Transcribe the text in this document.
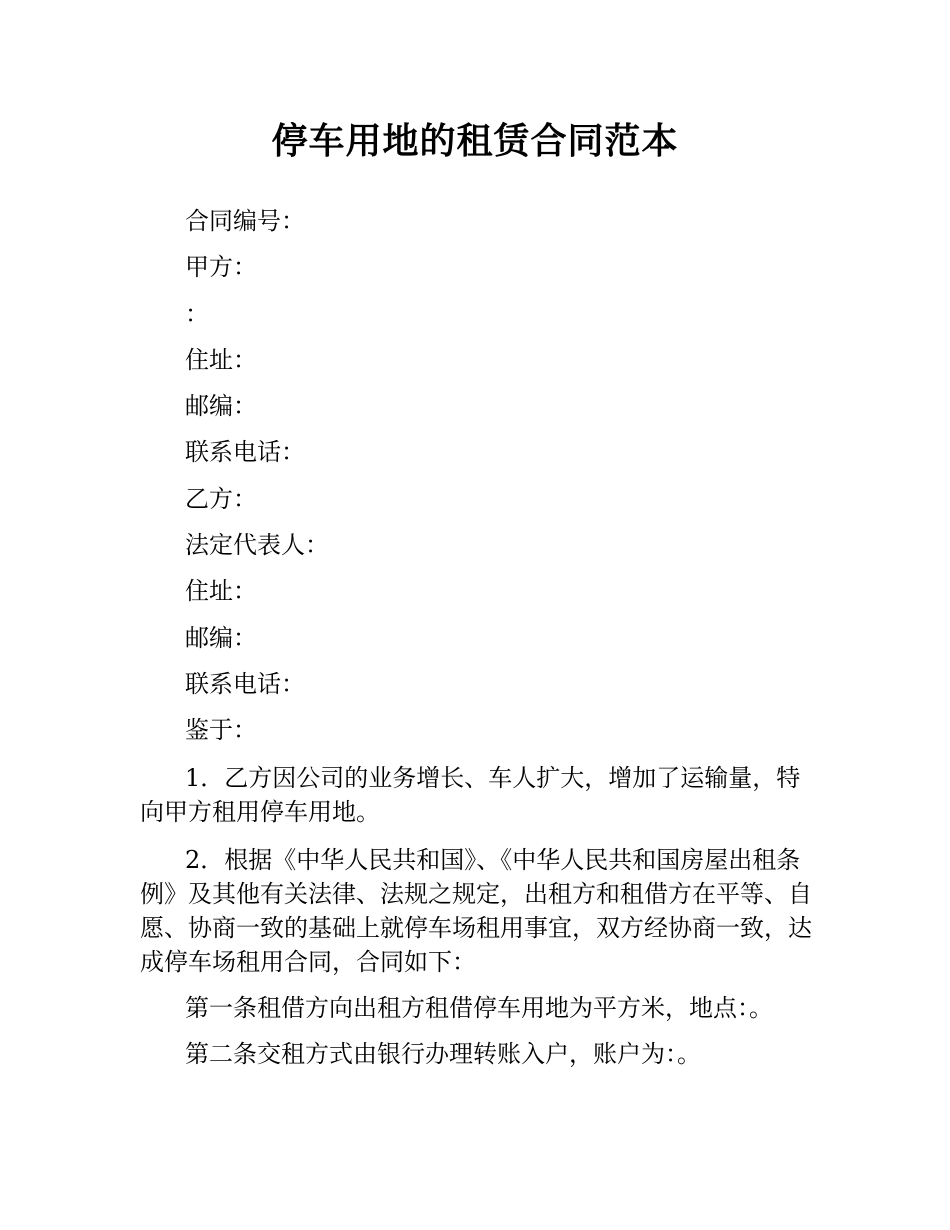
停车用地的租赁合同范本
合同编号：
甲方：
：
住址：
邮编：
联系电话：
乙方：
法定代表人：
住址：
邮编：
联系电话：
鉴于：

1．乙方因公司的业务增长、车人扩大，增加了运输量，特向甲方租用停车用地。

2．根据《中华人民共和国》、《中华人民共和国房屋出租条例》及其他有关法律、法规之规定，出租方和租借方在平等、自愿、协商一致的基础上就停车场租用事宜，双方经协商一致，达成停车场租用合同，合同如下：

第一条租借方向出租方租借停车用地为平方米，地点：。
第二条交租方式由银行办理转账入户，账户为：。
